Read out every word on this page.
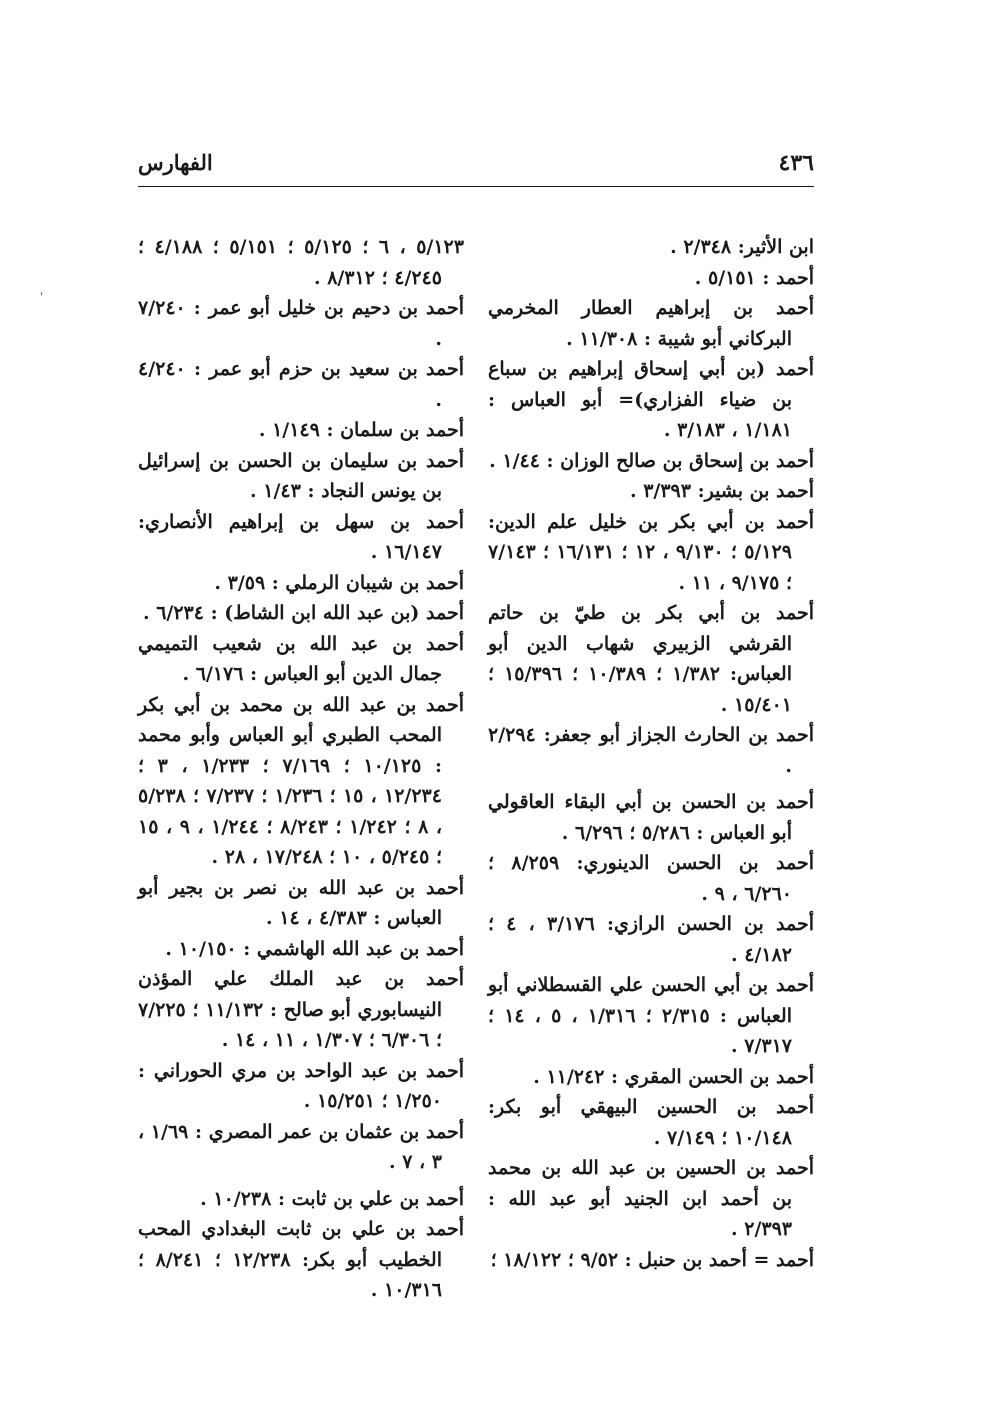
٤٣٦
الفهارس

ابن الأثير: ٢/٣٤٨ .

أحمد : ٥/١٥١ .

أحمد بن إبراهيم العطار المخرمي البركاني أبو شيبة : ١١/٣٠٨ .

أحمد (بن أبي إسحاق إبراهيم بن سباع بن ضياء الفزاري)= أبو العباس : ١/١٨١ ، ٣/١٨٣ .

أحمد بن إسحاق بن صالح الوزان : ١/٤٤ .

أحمد بن بشير: ٣/٣٩٣ .

أحمد بن أبي بكر بن خليل علم الدين: ٥/١٢٩ ؛ ٩/١٣٠ ، ١٢ ؛ ١٦/١٣١ ؛ ٧/١٤٣ ؛ ٩/١٧٥ ، ١١ .

أحمد بن أبي بكر بن طيّ بن حاتم القرشي الزبيري شهاب الدين أبو العباس: ١/٣٨٢ ؛ ١٠/٣٨٩ ؛ ١٥/٣٩٦ ؛ ١٥/٤٠١ .

أحمد بن الحارث الجزاز أبو جعفر: ٢/٢٩٤ .

أحمد بن الحسن بن أبي البقاء العاقولي أبو العباس : ٥/٢٨٦ ؛ ٦/٢٩٦ .

أحمد بن الحسن الدينوري: ٨/٢٥٩ ؛ ٦/٢٦٠ ، ٩ .

أحمد بن الحسن الرازي: ٣/١٧٦ ، ٤ ؛ ٤/١٨٢ .

أحمد بن أبي الحسن علي القسطلاني أبو العباس : ٢/٣١٥ ؛ ١/٣١٦ ، ٥ ، ١٤ ؛ ٧/٣١٧ .

أحمد بن الحسن المقري : ١١/٢٤٢ .

أحمد بن الحسين البيهقي أبو بكر: ١٠/١٤٨ ؛ ٧/١٤٩ .

أحمد بن الحسين بن عبد الله بن محمد بن أحمد ابن الجنيد أبو عبد الله : ٢/٣٩٣ .

أحمد = أحمد بن حنبل : ٩/٥٢ ؛ ١٨/١٢٢ ؛

٥/١٢٣ ، ٦ ؛ ٥/١٢٥ ؛ ٥/١٥١ ؛ ٤/١٨٨ ؛ ٤/٢٤٥ ؛ ٨/٣١٢ .

أحمد بن دحيم بن خليل أبو عمر : ٧/٢٤٠ .

أحمد بن سعيد بن حزم أبو عمر : ٤/٢٤٠ .

أحمد بن سلمان : ١/١٤٩ .

أحمد بن سليمان بن الحسن بن إسرائيل بن يونس النجاد : ١/٤٣ .

أحمد بن سهل بن إبراهيم الأنصاري: ١٦/١٤٧ .

أحمد بن شيبان الرملي : ٣/٥٩ .

أحمد (بن عبد الله ابن الشاط) : ٦/٢٣٤ .

أحمد بن عبد الله بن شعيب التميمي جمال الدين أبو العباس : ٦/١٧٦ .

أحمد بن عبد الله بن محمد بن أبي بكر المحب الطبري أبو العباس وأبو محمد : ١٠/١٢٥ ؛ ٧/١٦٩ ؛ ١/٢٣٣ ، ٣ ؛ ١٢/٢٣٤ ، ١٥ ؛ ١/٢٣٦ ؛ ٧/٢٣٧ ؛ ٥/٢٣٨ ، ٨ ؛ ١/٢٤٢ ؛ ٨/٢٤٣ ؛ ١/٢٤٤ ، ٩ ، ١٥ ؛ ٥/٢٤٥ ، ١٠ ؛ ١٧/٢٤٨ ، ٢٨ .

أحمد بن عبد الله بن نصر بن بجير أبو العباس : ٤/٣٨٣ ، ١٤ .

أحمد بن عبد الله الهاشمي : ١٠/١٥٠ .

أحمد بن عبد الملك علي المؤذن النيسابوري أبو صالح : ١١/١٣٢ ؛ ٧/٢٢٥ ؛ ٦/٣٠٦ ؛ ١/٣٠٧ ، ١١ ، ١٤ .

أحمد بن عبد الواحد بن مري الحوراني : ١/٢٥٠ ؛ ١٥/٢٥١ .

أحمد بن عثمان بن عمر المصري : ١/٦٩ ، ٣ ، ٧ .

أحمد بن علي بن ثابت : ١٠/٢٣٨ .

أحمد بن علي بن ثابت البغدادي المحب الخطيب أبو بكر: ١٢/٢٣٨ ؛ ٨/٢٤١ ؛ ١٠/٣١٦ .

'
